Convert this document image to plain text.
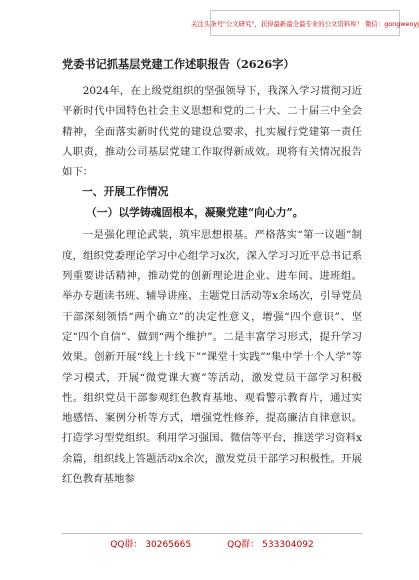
关注头条号"公文研究"，获得最新最全最专业的公文资料库！ 微信：gongwenyj
党委书记抓基层党建工作述职报告（2626字）

2024年，在上级党组织的坚强领导下，我深入学习贯彻习近平新时代中国特色社会主义思想和党的二十大、二十届三中全会精神，全面落实新时代党的建设总要求，扎实履行党建第一责任人职责，推动公司基层党建工作取得新成效。现将有关情况报告如下：

一、开展工作情况
（一）以学铸魂固根本，凝聚党建“向心力”。

一是强化理论武装，筑牢思想根基。严格落实“第一议题”制度，组织党委理论学习中心组学习x次，深入学习习近平总书记系列重要讲话精神，推动党的创新理论进企业、进车间、进班组。举办专题读书班、辅导讲座、主题党日活动等x余场次，引导党员干部深刻领悟“两个确立”的决定性意义，增强“四个意识”、坚定“四个自信”、做到“两个维护”。二是丰富学习形式，提升学习效果。创新开展“线上十线下”“课堂十实践”“集中学十个人学”等学习模式，开展“微党课大赛”等活动，激发党员干部学习积极性。组织党员干部参观红色教育基地、观看警示教育片，通过实地感悟、案例分析等方式，增强党性修养，提高廉洁自律意识。打造学习型党组织。利用学习强国、微信等平台，推送学习资料x余篇，组织线上答题活动x余次，激发党员干部学习积极性。开展红色教育基地参

QQ群： 30265665	QQ群： 533304092
